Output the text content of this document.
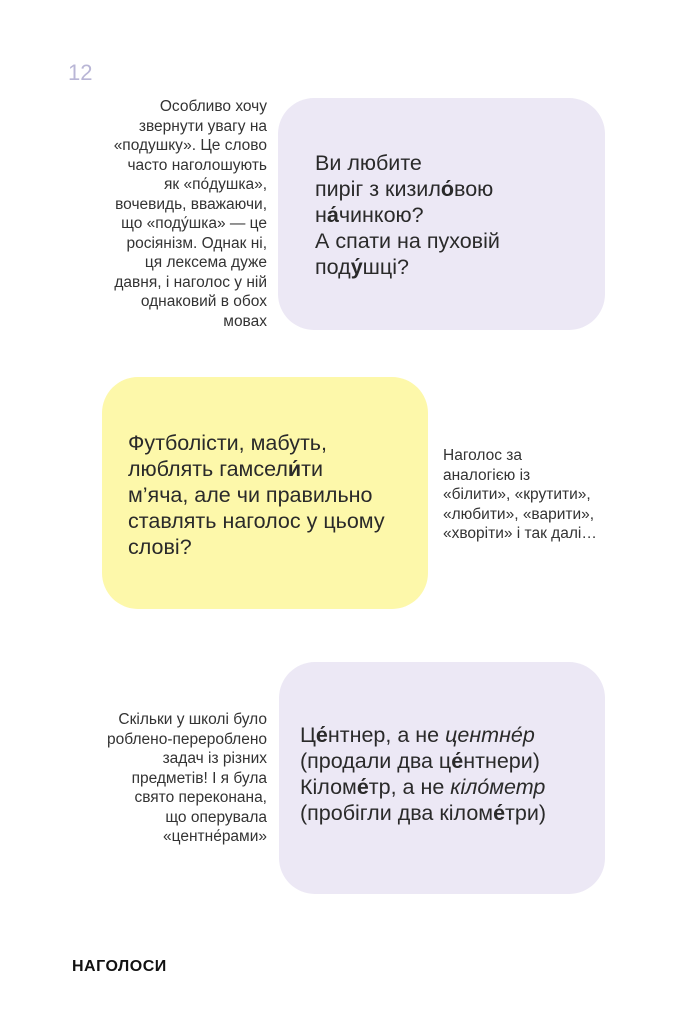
12
Особливо хочу
звернути увагу на
«подушку». Це слово
часто наголошують
як «по́душка»,
вочевидь, вважаючи,
що «поду́шка» — це
росіянізм. Однак ні,
ця лексема дуже
давня, і наголос у ній
однаковий в обох
мовах
Ви любите
пиріг з кизило́вою
на́чинкою?
А спати на пуховій
поду́шці?
Футболісти, мабуть,
люблять гамсели́ти
м’яча, але чи правильно
ставлять наголос у цьому
слові?
Наголос за
аналогією із
«білити», «крутити»,
«любити», «варити»,
«хворіти» і так далі…
Це́нтнер, а не центне́р
(продали два це́нтнери)
Кіломе́тр, а не кіло́метр
(пробігли два кіломе́три)
Скільки у школі було
роблено-перероблено
задач із різних
предметів! І я була
свято переконана,
що оперувала
«центне́рами»
НАГОЛОСИ
